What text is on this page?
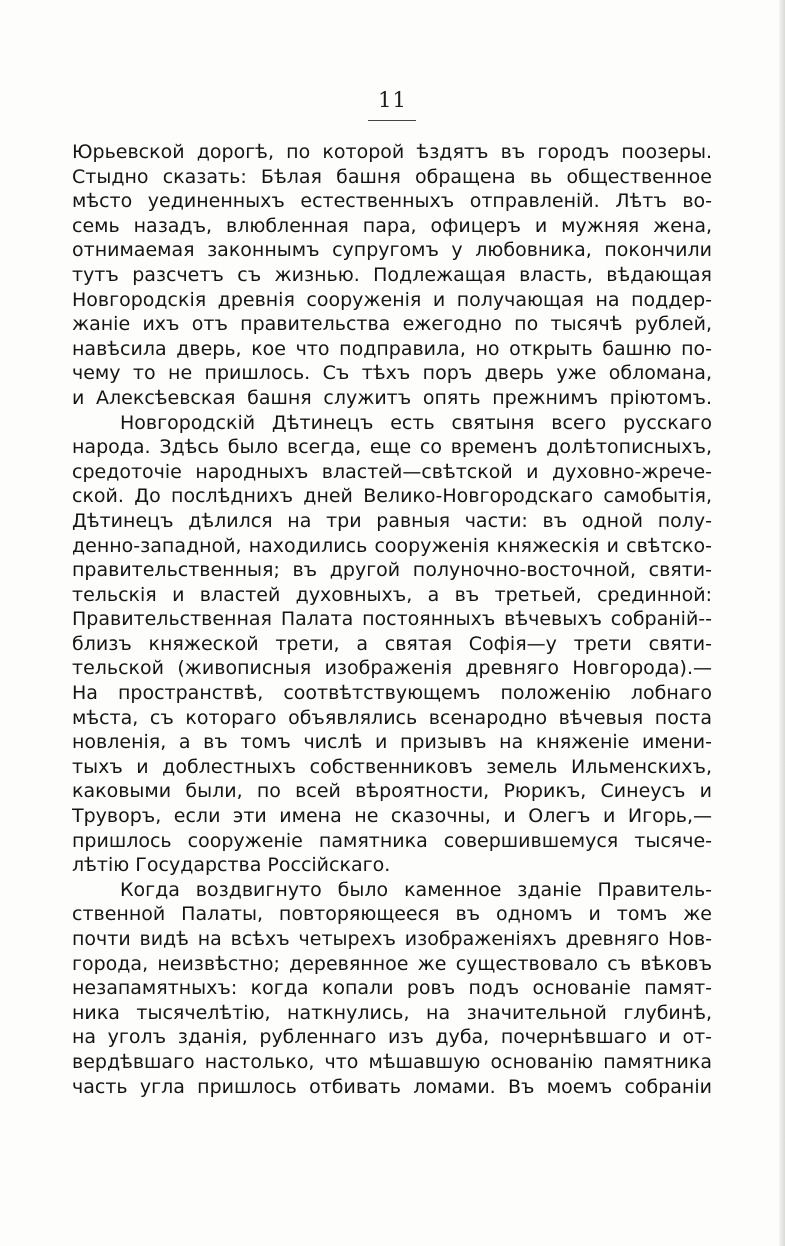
11
Юрьевской дорогѣ, по которой ѣздятъ въ городъ поозеры.
Стыдно сказать: Бѣлая башня обращена вь общественное
мѣсто уединенныхъ естественныхъ отправленій. Лѣтъ во-
семь назадъ, влюбленная пара, офицеръ и мужняя жена,
отнимаемая законнымъ супругомъ у любовника, покончили
тутъ разсчетъ съ жизнью. Подлежащая власть, вѣдающая
Новгородскія древнія сооруженія и получающая на поддер-
жаніе ихъ отъ правительства ежегодно по тысячѣ рублей,
навѣсила дверь, кое что подправила, но открыть башню по-
чему то не пришлось. Съ тѣхъ поръ дверь уже обломана,
и Алексѣевская башня служитъ опять прежнимъ пріютомъ.
Новгородскій Дѣтинецъ есть святыня всего русскаго
народа. Здѣсь было всегда, еще со временъ долѣтописныхъ,
средоточіе народныхъ властей—свѣтской и духовно-жрече-
ской. До послѣднихъ дней Велико-Новгородскаго самобытія,
Дѣтинецъ дѣлился на три равныя части: въ одной полу-
денно-западной, находились сооруженія княжескія и свѣтско-
правительственныя; въ другой полуночно-восточной, святи-
тельскія и властей духовныхъ, а въ третьей, срединной:
Правительственная Палата постоянныхъ вѣчевыхъ собраній--
близъ княжеской трети, а святая Софія—у трети святи-
тельской (живописныя изображенія древняго Новгорода).—
На пространствѣ, соотвѣтствующемъ положенію лобнаго
мѣста, съ котораго объявлялись всенародно вѣчевыя поста
новленія, а въ томъ числѣ и призывъ на княженіе имени-
тыхъ и доблестныхъ собственниковъ земель Ильменскихъ,
каковыми были, по всей вѣроятности, Рюрикъ, Синеусъ и
Труворъ, если эти имена не сказочны, и Олегъ и Игорь,—
пришлось сооруженіе памятника совершившемуся тысяче-
лѣтію Государства Россійскаго.
Когда воздвигнуто было каменное зданіе Правитель-
ственной Палаты, повторяющееся въ одномъ и томъ же
почти видѣ на всѣхъ четырехъ изображеніяхъ древняго Нов-
города, неизвѣстно; деревянное же существовало съ вѣковъ
незапамятныхъ: когда копали ровъ подъ основаніе памят-
ника тысячелѣтію, наткнулись, на значительной глубинѣ,
на уголъ зданія, рубленнаго изъ дуба, почернѣвшаго и от-
вердѣвшаго настолько, что мѣшавшую основанію памятника
часть угла пришлось отбивать ломами. Въ моемъ собраніи
